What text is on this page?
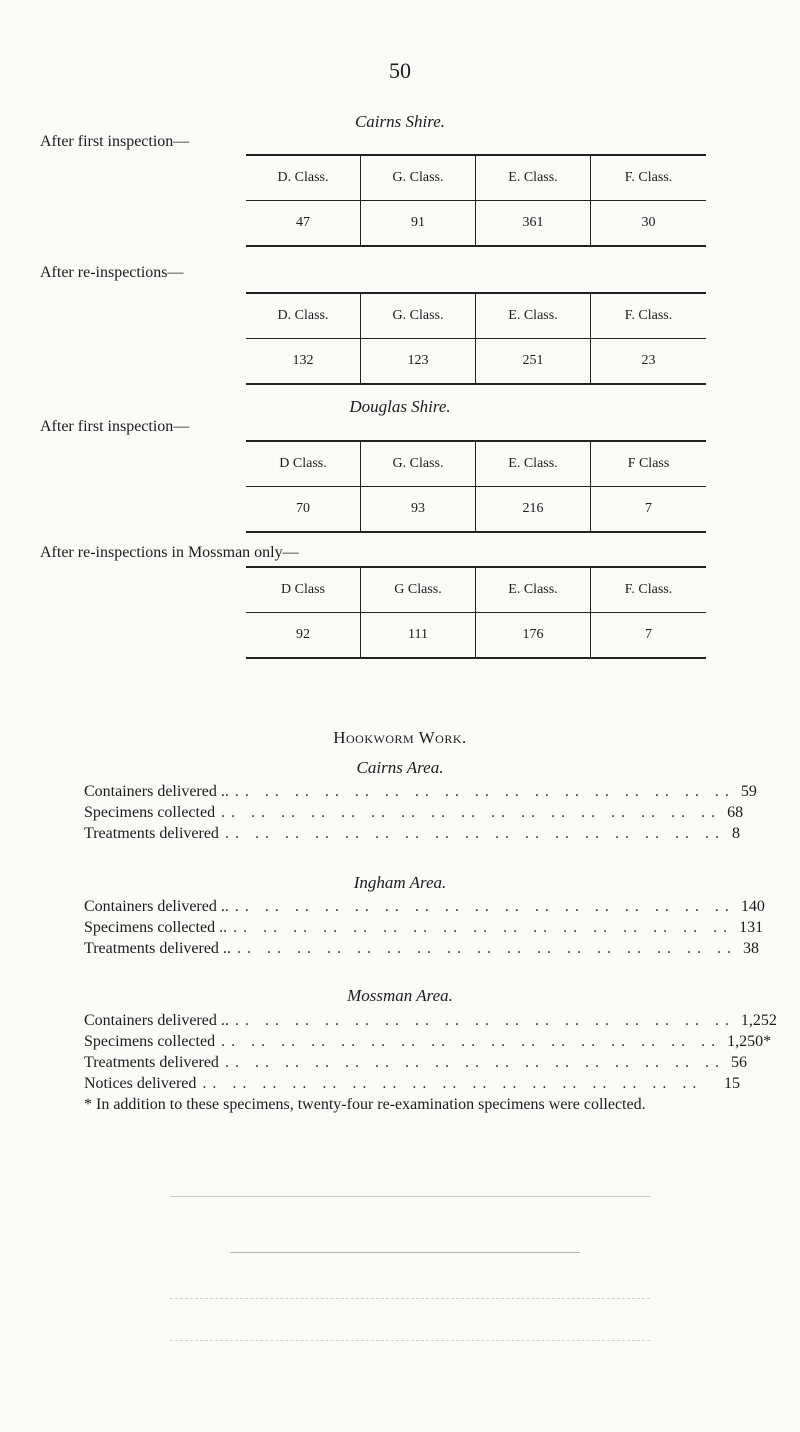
50
Cairns Shire.
After first inspection—
D. Class.	G. Class.	E. Class.	F. Class.
47	91	361	30
After re-inspections—
D. Class.	G. Class.	E. Class.	F. Class.
132	123	251	23
Douglas Shire.
After first inspection—
D Class.	G. Class.	E. Class.	F Class
70	93	216	7
After re-inspections in Mossman only—
D Class	G Class.	E. Class.	F. Class.
92	111	176	7
Hookworm Work.
Cairns Area.
Containers delivered .. .. .. .. .. .. .. .. .. .. .. .. .. .. .. .. .. .. 59
Specimens collected .. .. .. .. .. .. .. .. .. .. .. .. .. .. .. .. .. 68
Treatments delivered .. .. .. .. .. .. .. .. .. .. .. .. .. .. .. .. .. 8
Ingham Area.
Containers delivered .. .. .. .. .. .. .. .. .. .. .. .. .. .. .. .. .. .. 140
Specimens collected .. .. .. .. .. .. .. .. .. .. .. .. .. .. .. .. .. .. 131
Treatments delivered .. .. .. .. .. .. .. .. .. .. .. .. .. .. .. .. .. .. 38
Mossman Area.
Containers delivered .. .. .. .. .. .. .. .. .. .. .. .. .. .. .. .. .. .. 1,252
Specimens collected .. .. .. .. .. .. .. .. .. .. .. .. .. .. .. .. .. 1,250*
Treatments delivered .. .. .. .. .. .. .. .. .. .. .. .. .. .. .. .. .. 56
Notices delivered .. .. .. .. .. .. .. .. .. .. .. .. .. .. .. .. ..	15
* In addition to these specimens, twenty-four re-examination specimens were collected.
